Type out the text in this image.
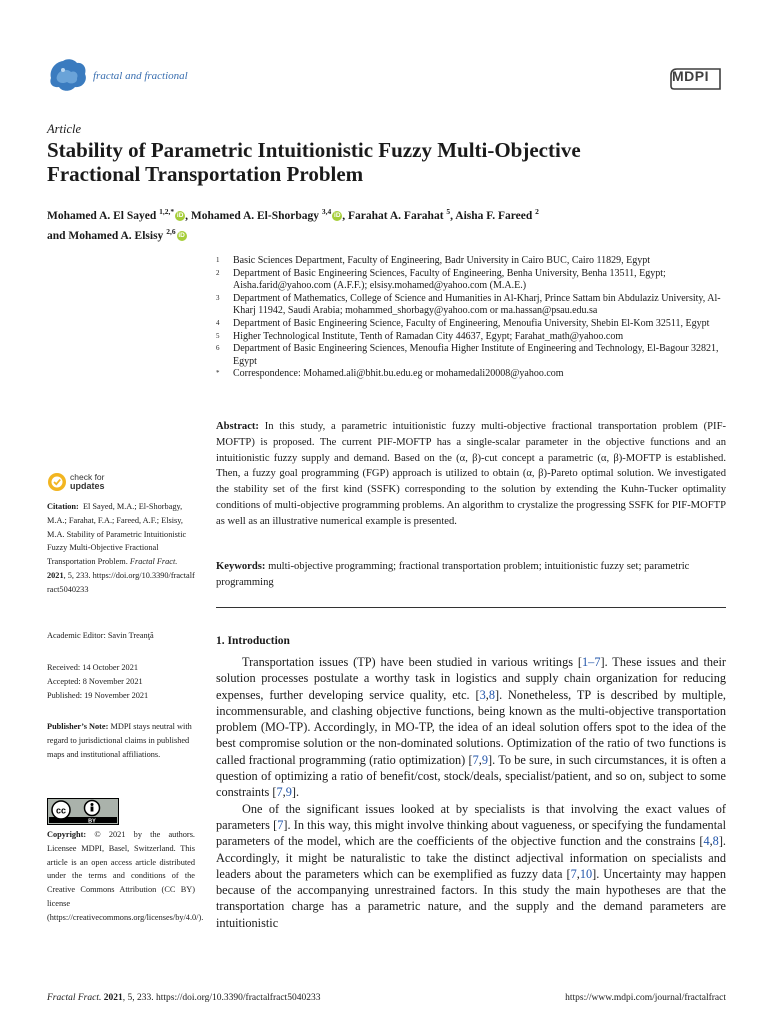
fractal and fractional	MDPI
Article
Stability of Parametric Intuitionistic Fuzzy Multi-Objective
Fractional Transportation Problem
Mohamed A. El Sayed $^{1,2,*}$ iD , Mohamed A. El-Shorbagy $^{3,4}$ iD , Farahat A. Farahat $^5$, Aisha F. Fareed $^2$
and Mohamed A. Elsisy $^{2,6}$ iD
1	Basic Sciences Department, Faculty of Engineering, Badr University in Cairo BUC, Cairo 11829, Egypt
2	Department of Basic Engineering Sciences, Faculty of Engineering, Benha University, Benha 13511, Egypt; Aisha.farid@yahoo.com (A.F.F.); elsisy.mohamed@yahoo.com (M.A.E.)
3	Department of Mathematics, College of Science and Humanities in Al-Kharj, Prince Sattam bin Abdulaziz University, Al-Kharj 11942, Saudi Arabia; mohammed_shorbagy@yahoo.com or ma.hassan@psau.edu.sa
4	Department of Basic Engineering Science, Faculty of Engineering, Menoufia University, Shebin El-Kom 32511, Egypt
5	Higher Technological Institute, Tenth of Ramadan City 44637, Egypt; Farahat_math@yahoo.com
6	Department of Basic Engineering Sciences, Menoufia Higher Institute of Engineering and Technology, El-Bagour 32821, Egypt
*	Correspondence: Mohamed.ali@bhit.bu.edu.eg or mohamedali20008@yahoo.com
Abstract: In this study, a parametric intuitionistic fuzzy multi-objective fractional transportation problem (PIF-MOFTP) is proposed. The current PIF-MOFTP has a single-scalar parameter in the objective functions and an intuitionistic fuzzy supply and demand. Based on the (α, β)-cut concept a parametric (α, β)-MOFTP is established. Then, a fuzzy goal programming (FGP) approach is utilized to obtain (α, β)-Pareto optimal solution. We investigated the stability set of the first kind (SSFK) corresponding to the solution by extending the Kuhn-Tucker optimality conditions of multi-objective programming problems. An algorithm to crystalize the progressing SSFK for PIF-MOFTP as well as an illustrative numerical example is presented.
Keywords: multi-objective programming; fractional transportation problem; intuitionistic fuzzy set; parametric programming
check for
updates
Citation: El Sayed, M.A.; El-Shorbagy, M.A.; Farahat, F.A.; Fareed, A.F.; Elsisy, M.A. Stability of Parametric Intuitionistic Fuzzy Multi-Objective Fractional Transportation Problem. Fractal Fract. 2021, 5, 233. https://doi.org/10.3390/fractalfract5040233
Academic Editor: Savin Treanţă
Received: 14 October 2021
Accepted: 8 November 2021
Published: 19 November 2021
Publisher’s Note: MDPI stays neutral with regard to jurisdictional claims in published maps and institutional affiliations.
cc
BY
Copyright: © 2021 by the authors. Licensee MDPI, Basel, Switzerland. This article is an open access article distributed under the terms and conditions of the Creative Commons Attribution (CC BY) license (https://creativecommons.org/licenses/by/4.0/).
1. Introduction

Transportation issues (TP) have been studied in various writings [1–7]. These issues and their solution processes postulate a worthy task in logistics and supply chain organization for reducing expenses, further developing service quality, etc. [3,8]. Nonetheless, TP is described by multiple, incommensurable, and clashing objective functions, being known as the multi-objective transportation problem (MO-TP). Accordingly, in MO-TP, the idea of an ideal solution offers spot to the idea of the best compromise solution or the non-dominated solutions. Optimization of the ratio of two functions is called fractional programming (ratio optimization) [7,9]. To be sure, in such circumstances, it is often a question of optimizing a ratio of benefit/cost, stock/deals, specialist/patient, and so on, subject to some constraints [7,9].

One of the significant issues looked at by specialists is that involving the exact values of parameters [7]. In this way, this might involve thinking about vagueness, or specifying the fundamental parameters of the model, which are the coefficients of the objective function and the constrains [4,8]. Accordingly, it might be naturalistic to take the distinct adjectival information on specialists and leaders about the parameters which can be exemplified as fuzzy data [7,10]. Uncertainty may happen because of the accompanying unrestrained factors. In this study the main hypotheses are that the transportation charge has a parametric nature, and the supply and the demand parameters are intuitionistic

Fractal Fract. 2021, 5, 233. https://doi.org/10.3390/fractalfract5040233	https://www.mdpi.com/journal/fractalfract
